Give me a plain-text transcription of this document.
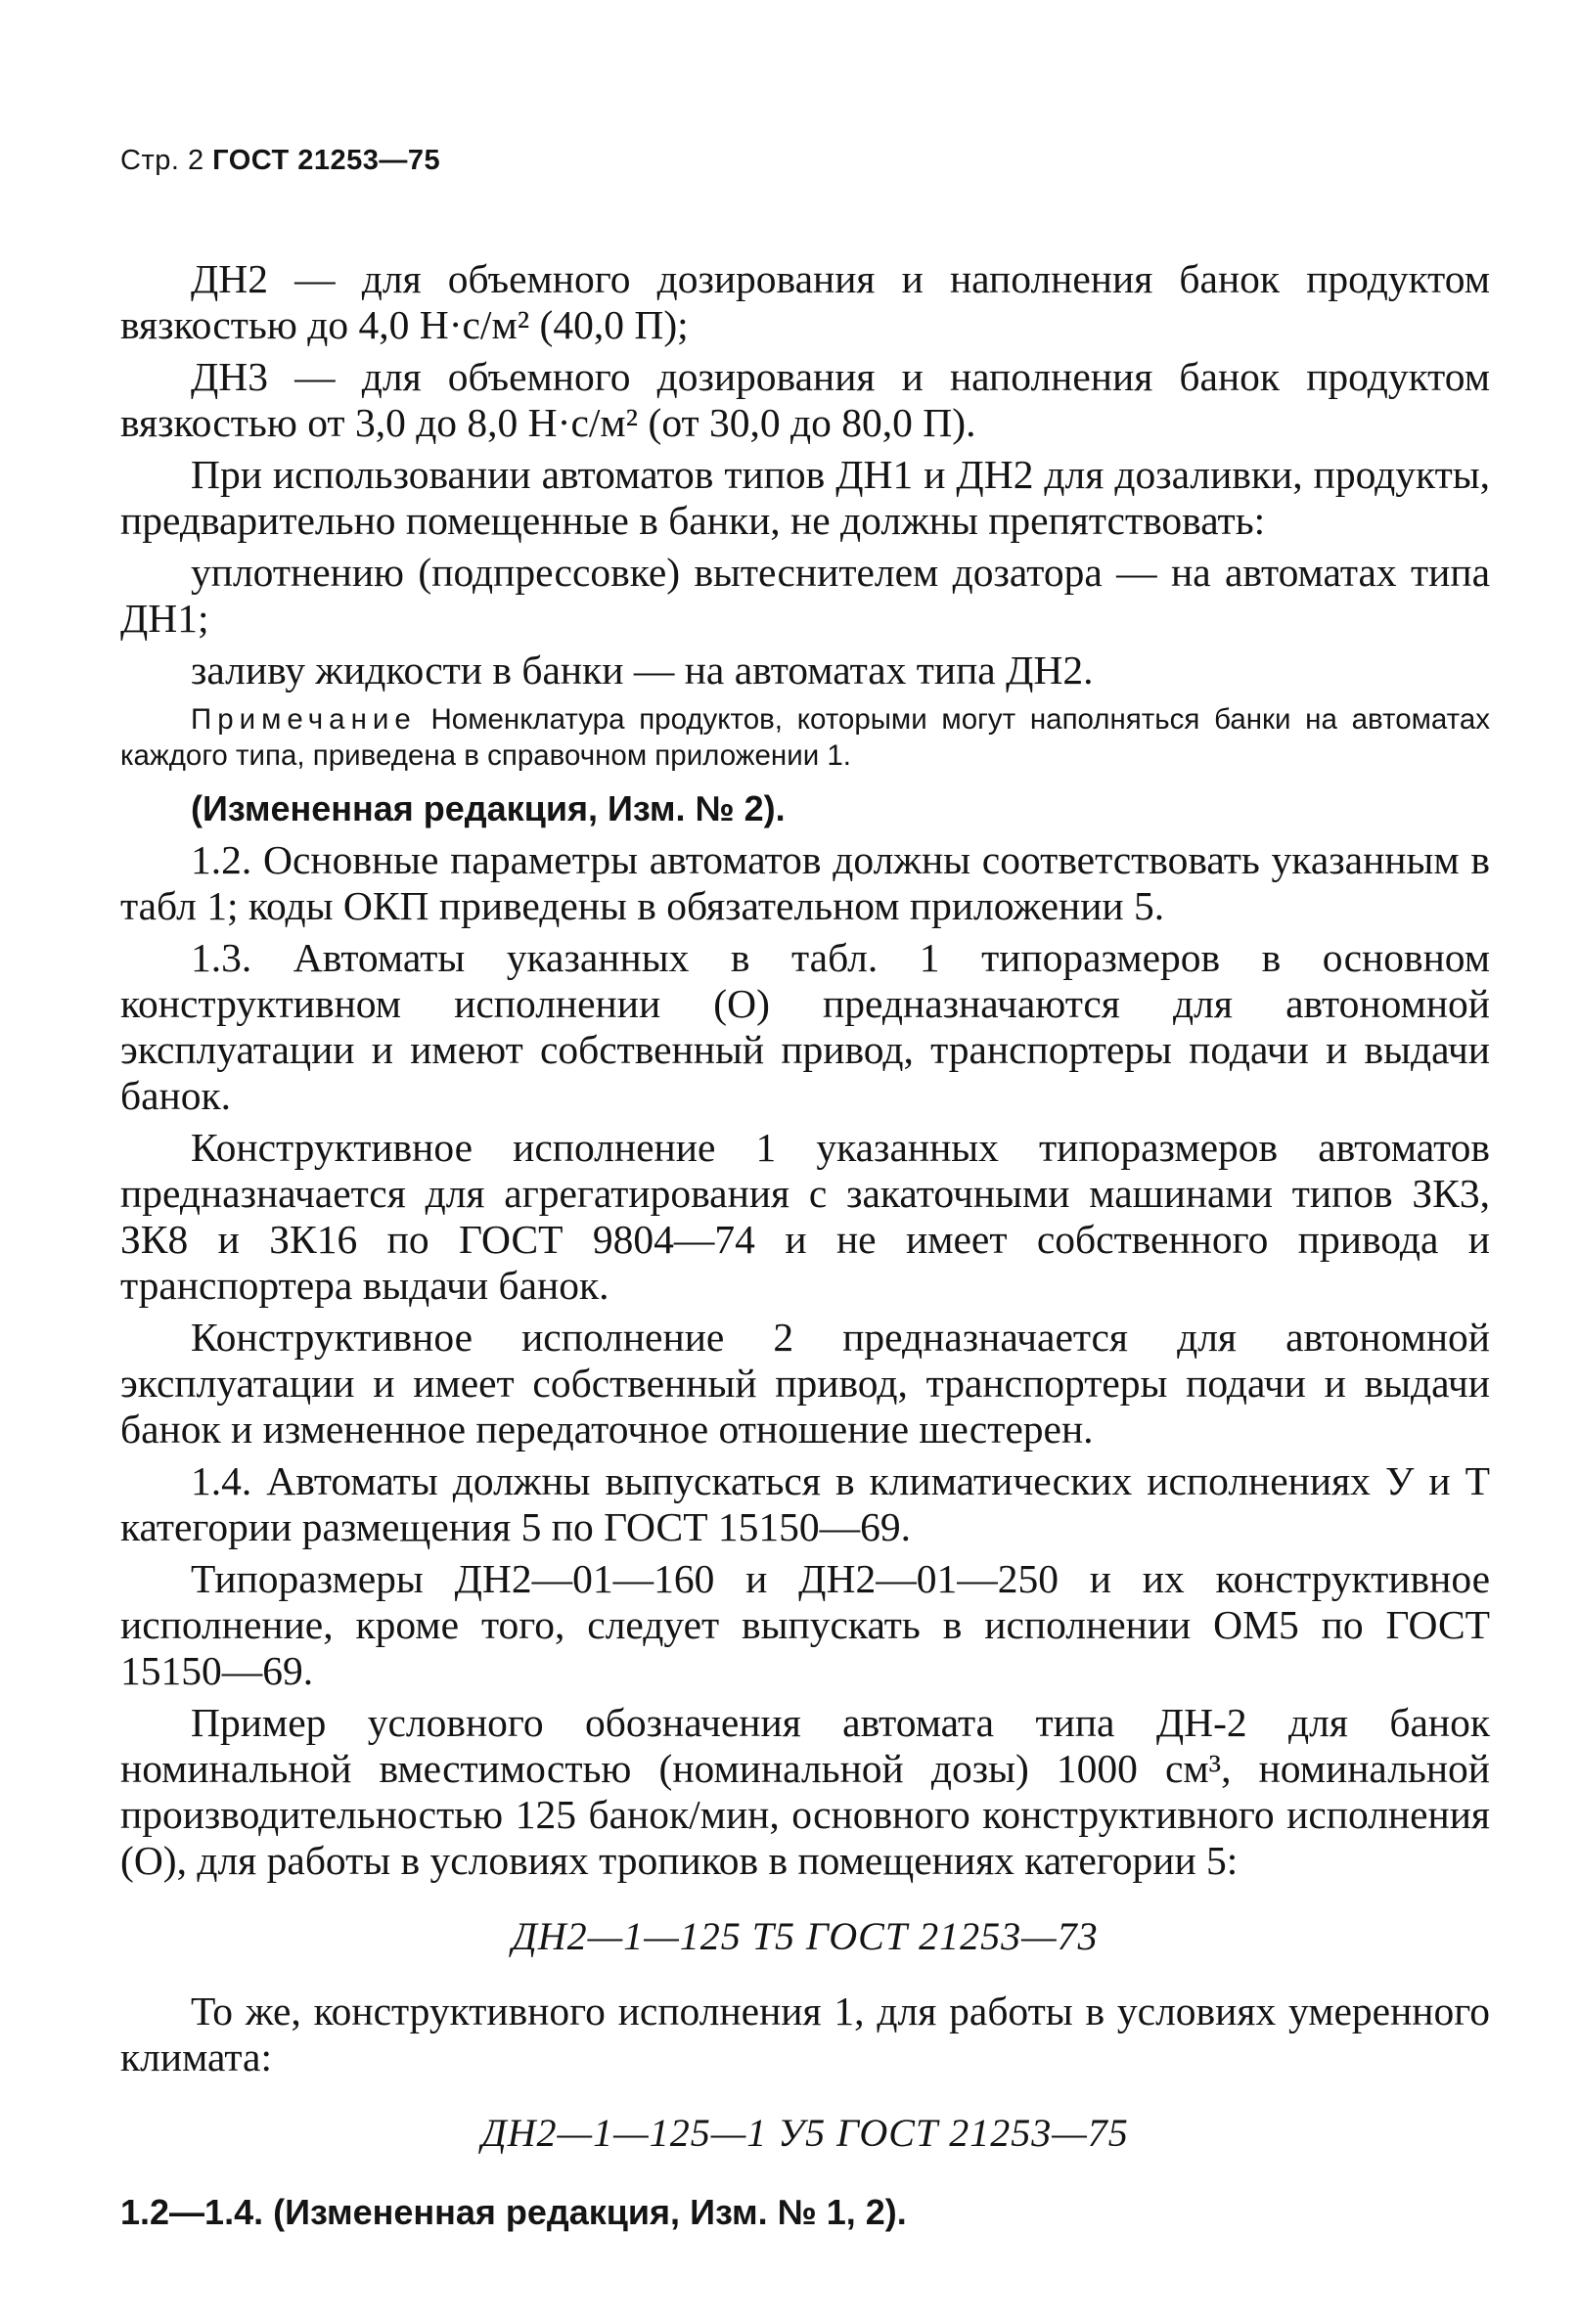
Стр. 2 ГОСТ 21253—75

ДН2 — для объемного дозирования и наполнения банок продуктом вязкостью до 4,0 Н·с/м² (40,0 П);

ДН3 — для объемного дозирования и наполнения банок продуктом вязкостью от 3,0 до 8,0 Н·с/м² (от 30,0 до 80,0 П).

При использовании автоматов типов ДН1 и ДН2 для дозаливки, продукты, предварительно помещенные в банки, не должны препятствовать:

уплотнению (подпрессовке) вытеснителем дозатора — на автоматах типа ДН1;

заливу жидкости в банки — на автоматах типа ДН2.

Примечание Номенклатура продуктов, которыми могут наполняться банки на автоматах каждого типа, приведена в справочном приложении 1.

(Измененная редакция, Изм. № 2).

1.2. Основные параметры автоматов должны соответствовать указанным в табл 1; коды ОКП приведены в обязательном приложении 5.

1.3. Автоматы указанных в табл. 1 типоразмеров в основном конструктивном исполнении (О) предназначаются для автономной эксплуатации и имеют собственный привод, транспортеры подачи и выдачи банок.

Конструктивное исполнение 1 указанных типоразмеров автоматов предназначается для агрегатирования с закаточными машинами типов ЗК3, ЗК8 и ЗК16 по ГОСТ 9804—74 и не имеет собственного привода и транспортера выдачи банок.

Конструктивное исполнение 2 предназначается для автономной эксплуатации и имеет собственный привод, транспортеры подачи и выдачи банок и измененное передаточное отношение шестерен.

1.4. Автоматы должны выпускаться в климатических исполнениях У и Т категории размещения 5 по ГОСТ 15150—69.

Типоразмеры ДН2—01—160 и ДН2—01—250 и их конструктивное исполнение, кроме того, следует выпускать в исполнении ОМ5 по ГОСТ 15150—69.

Пример условного обозначения автомата типа ДН-2 для банок номинальной вместимостью (номинальной дозы) 1000 см³, номинальной производительностью 125 банок/мин, основного конструктивного исполнения (О), для работы в условиях тропиков в помещениях категории 5:

ДН2—1—125 Т5 ГОСТ 21253—73

То же, конструктивного исполнения 1, для работы в условиях умеренного климата:

ДН2—1—125—1 У5 ГОСТ 21253—75

1.2—1.4. (Измененная редакция, Изм. № 1, 2).
